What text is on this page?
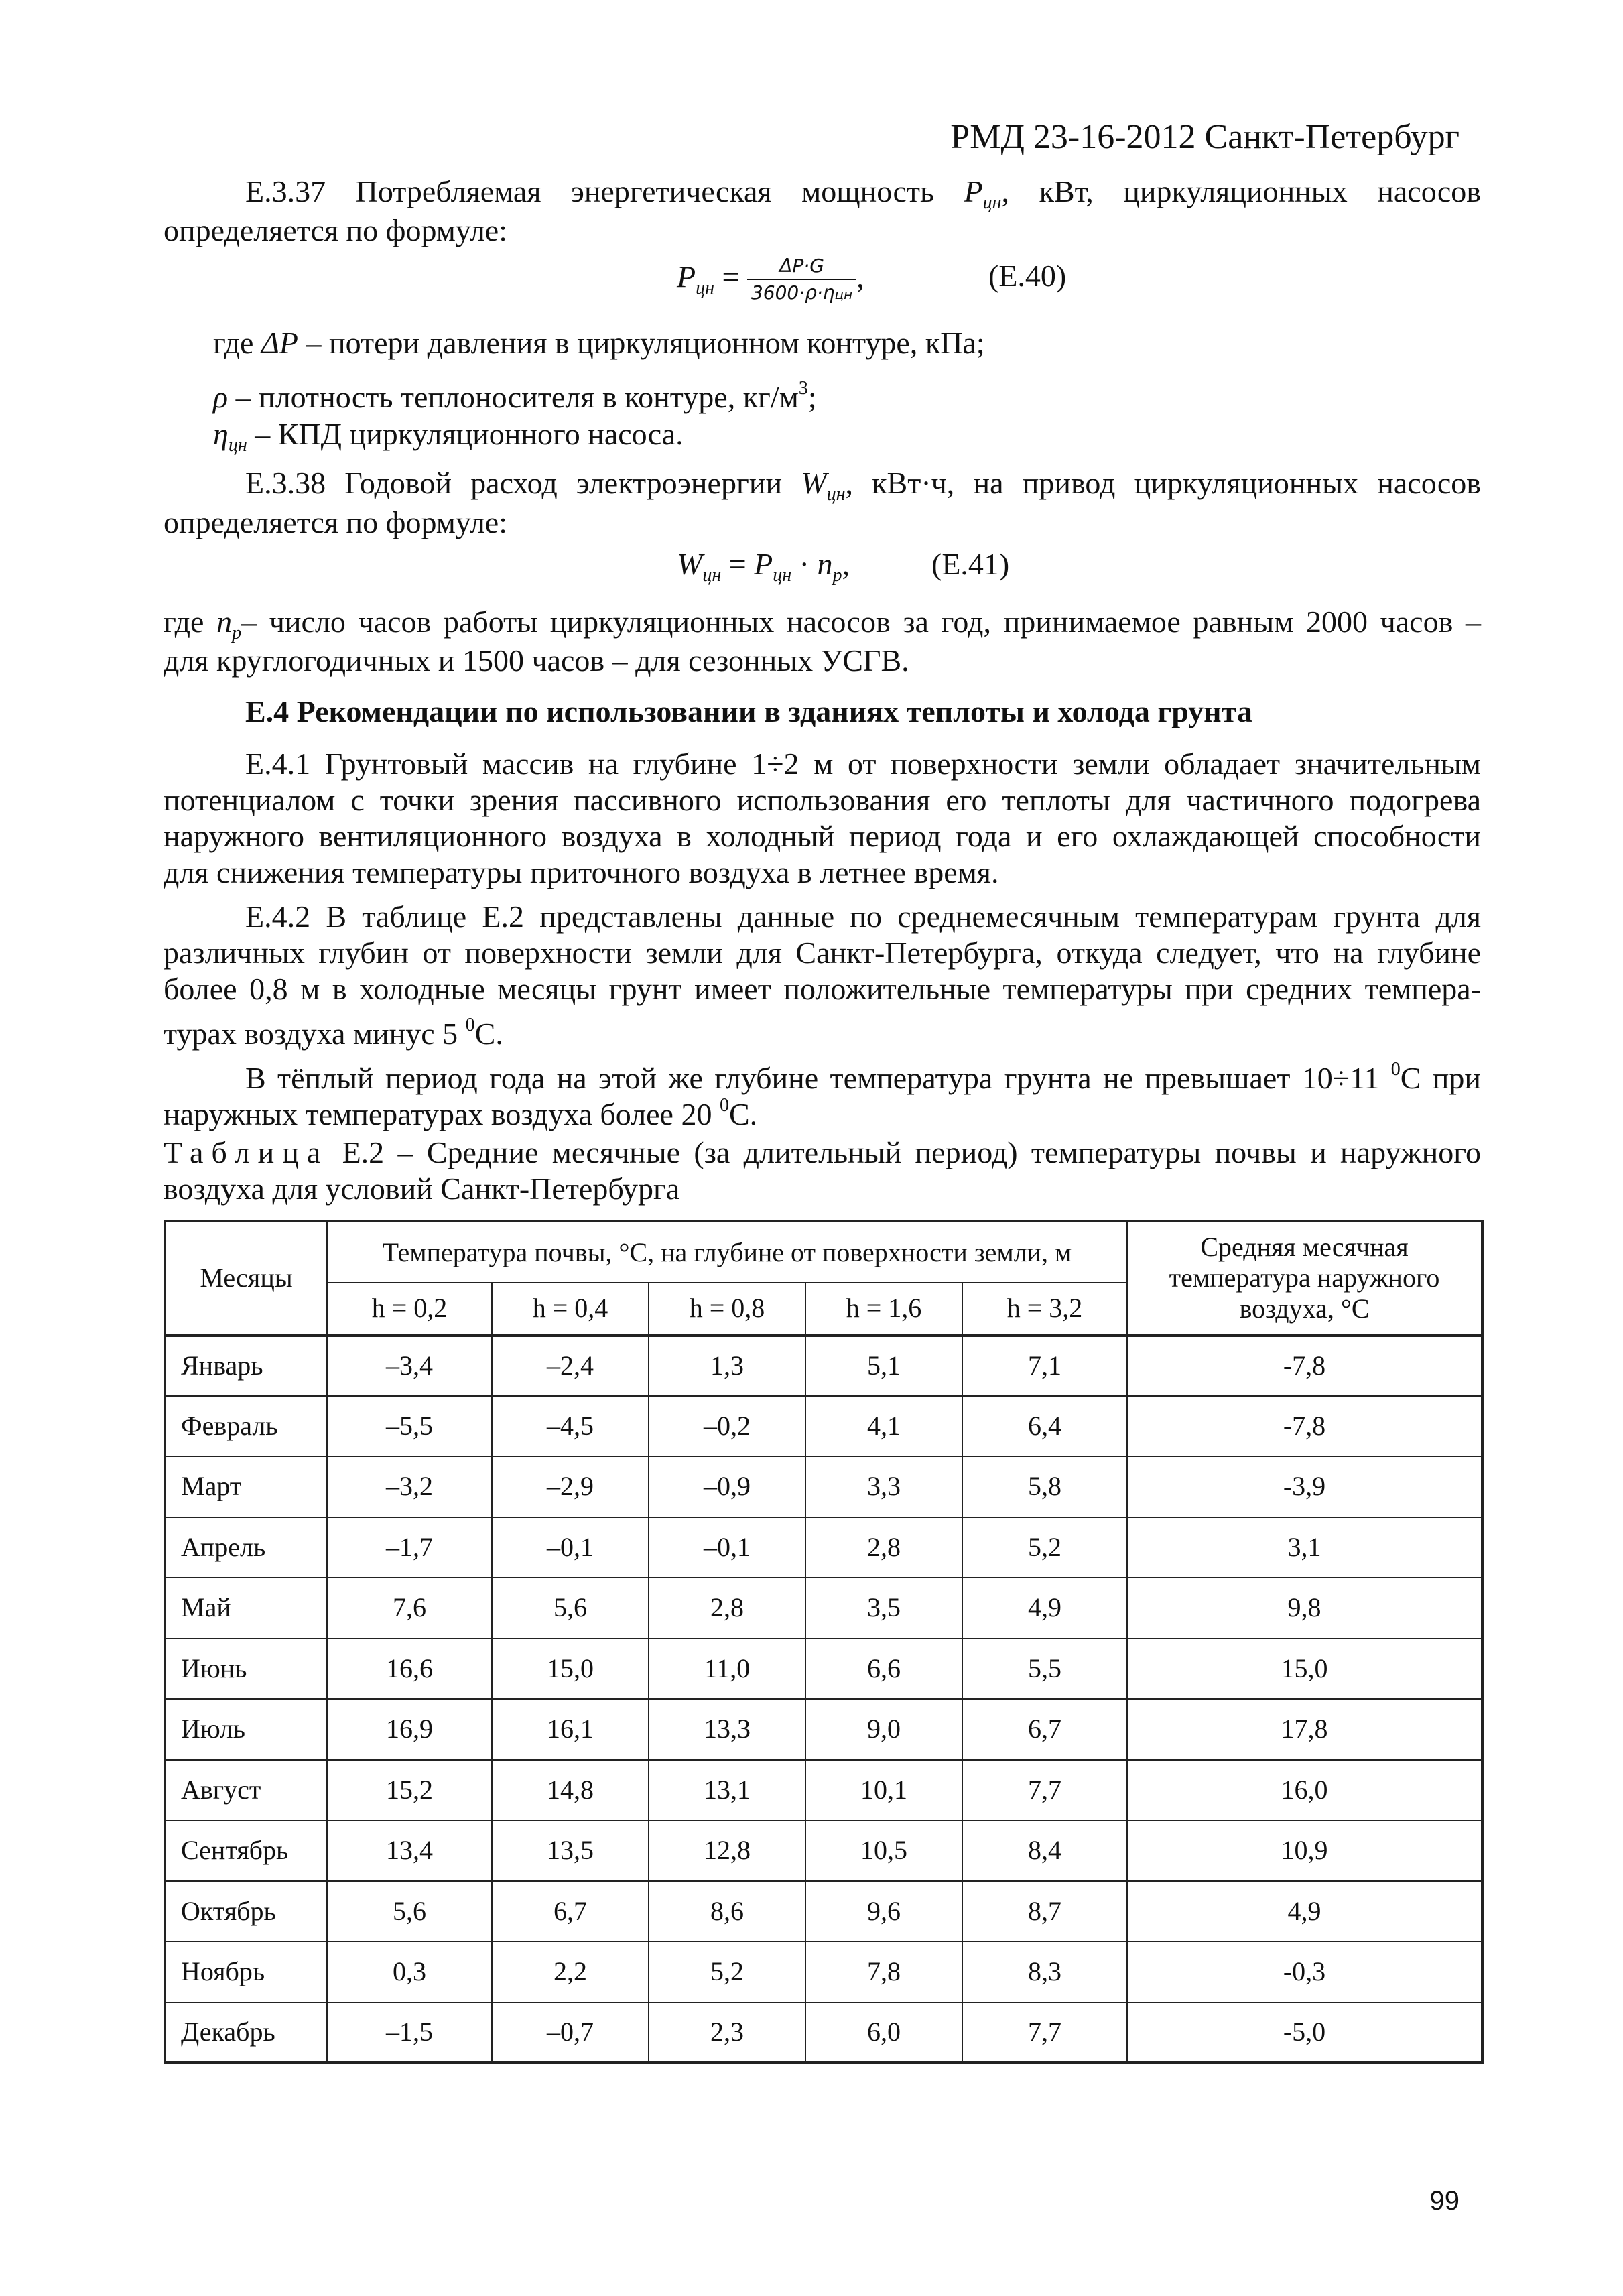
РМД 23-16-2012 Санкт-Петербург
Е.3.37 Потребляемая энергетическая мощность $P_{цн}$, кВт, циркуляционных насосов
определяется по формуле:
$P_{цн} = \frac{\Delta P\cdot G}{\text{3600·ρ·ηцн}}$ ,	(Е.40)
где ΔP – потери давления в циркуляционном контуре, кПа;
ρ – плотность теплоносителя в контуре, $кг/м^3$;
$\eta_{цн}$ – КПД циркуляционного насоса.
Е.3.38 Годовой расход электроэнергии $W_{цн}$, кВт·ч, на привод циркуляционных насосов
определяется по формуле:
$W_{цн} = P_{цн} \cdot n_p$,	(Е.41)
где $n_p-$ число часов работы циркуляционных насосов за год, принимаемое равным 2000 часов –
для круглогодичных и 1500 часов – для сезонных УСГВ.
Е.4 Рекомендации по использовании в зданиях теплоты и холода грунта
Е.4.1 Грунтовый массив на глубине 1÷2 м от поверхности земли обладает значительным
потенциалом с точки зрения пассивного использования его теплоты для частичного подогрева
наружного вентиляционного воздуха в холодный период года и его охлаждающей способности
для снижения температуры приточного воздуха в летнее время.
Е.4.2 В таблице Е.2 представлены данные по среднемесячным температурам грунта для
различных глубин от поверхности земли для Санкт-Петербурга, откуда следует, что на глубине
более 0,8 м в холодные месяцы грунт имеет положительные температуры при средних темпера-
турах воздуха минус 5 $^0$С.
В тёплый период года на этой же глубине температура грунта не превышает 10÷11 $^0$С при
наружных температурах воздуха более 20 $^0$С.
Таблица Е.2 – Средние месячные (за длительный период) температуры почвы и наружного
воздуха для условий Санкт-Петербурга
Месяцы	Температура почвы, °С, на глубине от поверхности земли, м					Средняя месячная температура наружного воздуха, °С
	h = 0,2	h = 0,4	h = 0,8	h = 1,6	h = 3,2	
Январь	–3,4	–2,4	1,3	5,1	7,1	-7,8
Февраль	–5,5	–4,5	–0,2	4,1	6,4	-7,8
Март	–3,2	–2,9	–0,9	3,3	5,8	-3,9
Апрель	–1,7	–0,1	–0,1	2,8	5,2	3,1
Май	7,6	5,6	2,8	3,5	4,9	9,8
Июнь	16,6	15,0	11,0	6,6	5,5	15,0
Июль	16,9	16,1	13,3	9,0	6,7	17,8
Август	15,2	14,8	13,1	10,1	7,7	16,0
Сентябрь	13,4	13,5	12,8	10,5	8,4	10,9
Октябрь	5,6	6,7	8,6	9,6	8,7	4,9
Ноябрь	0,3	2,2	5,2	7,8	8,3	-0,3
Декабрь	–1,5	–0,7	2,3	6,0	7,7	-5,0
99
